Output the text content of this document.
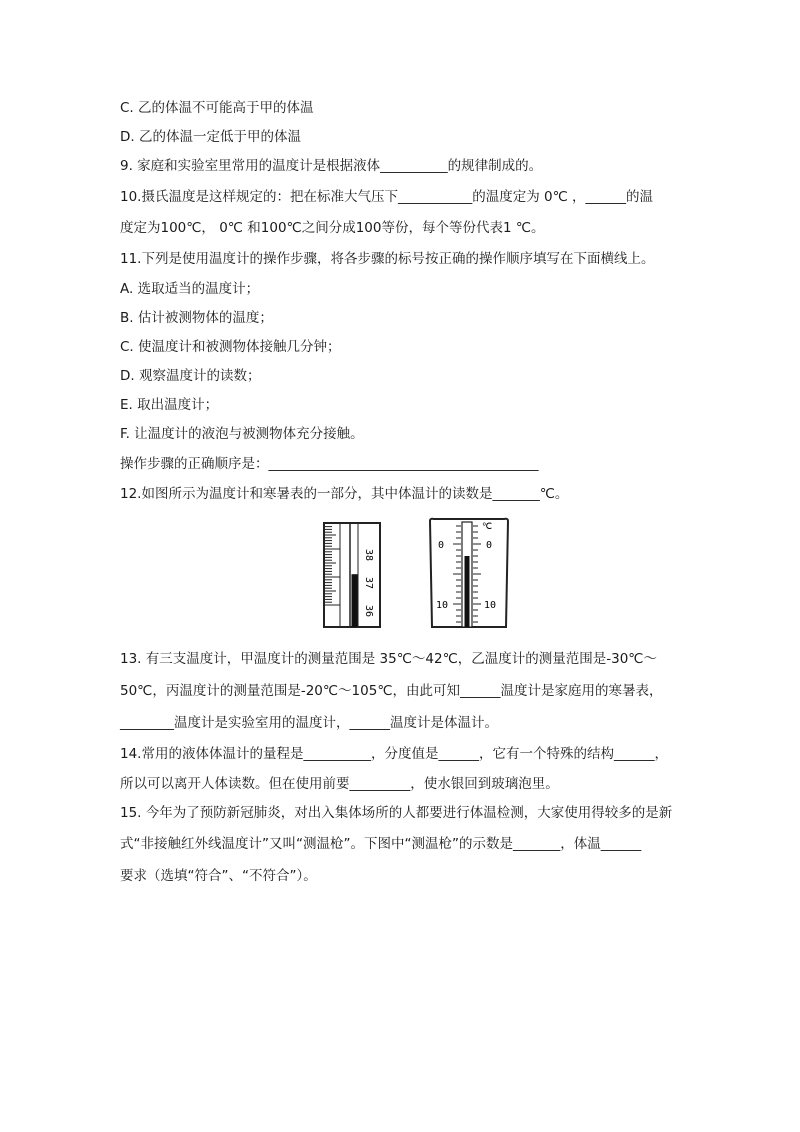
C. 乙的体温不可能高于甲的体温
D. 乙的体温一定低于甲的体温
9. 家庭和实验室里常用的温度计是根据液体__________的规律制成的。
10.摄氏温度是这样规定的：把在标准大气压下___________的温度定为 0℃ ，______的温
度定为100℃， 0℃ 和100℃之间分成100等份，每个等份代表1 ℃。
11.下列是使用温度计的操作步骤，将各步骤的标号按正确的操作顺序填写在下面横线上。
A. 选取适当的温度计；
B. 估计被测物体的温度；
C. 使温度计和被测物体接触几分钟；
D. 观察温度计的读数；
E. 取出温度计；
F. 让温度计的液泡与被测物体充分接触。
操作步骤的正确顺序是：________________________________________
12.如图所示为温度计和寒暑表的一部分，其中体温计的读数是_______℃。
13. 有三支温度计，甲温度计的测量范围是 35℃～42℃，乙温度计的测量范围是-30℃～
50℃，丙温度计的测量范围是-20℃～105℃，由此可知______温度计是家庭用的寒暑表，
________温度计是实验室用的温度计，______温度计是体温计。
14.常用的液体体温计的量程是__________，分度值是______，它有一个特殊的结构______，
所以可以离开人体读数。但在使用前要_________，使水银回到玻璃泡里。
15. 今年为了预防新冠肺炎，对出入集体场所的人都要进行体温检测，大家使用得较多的是新
式“非接触红外线温度计”又叫“测温枪”。下图中“测温枪”的示数是_______，体温______
要求（选填“符合”、“不符合”）。
38
37
36
℃
0
10
0
10
